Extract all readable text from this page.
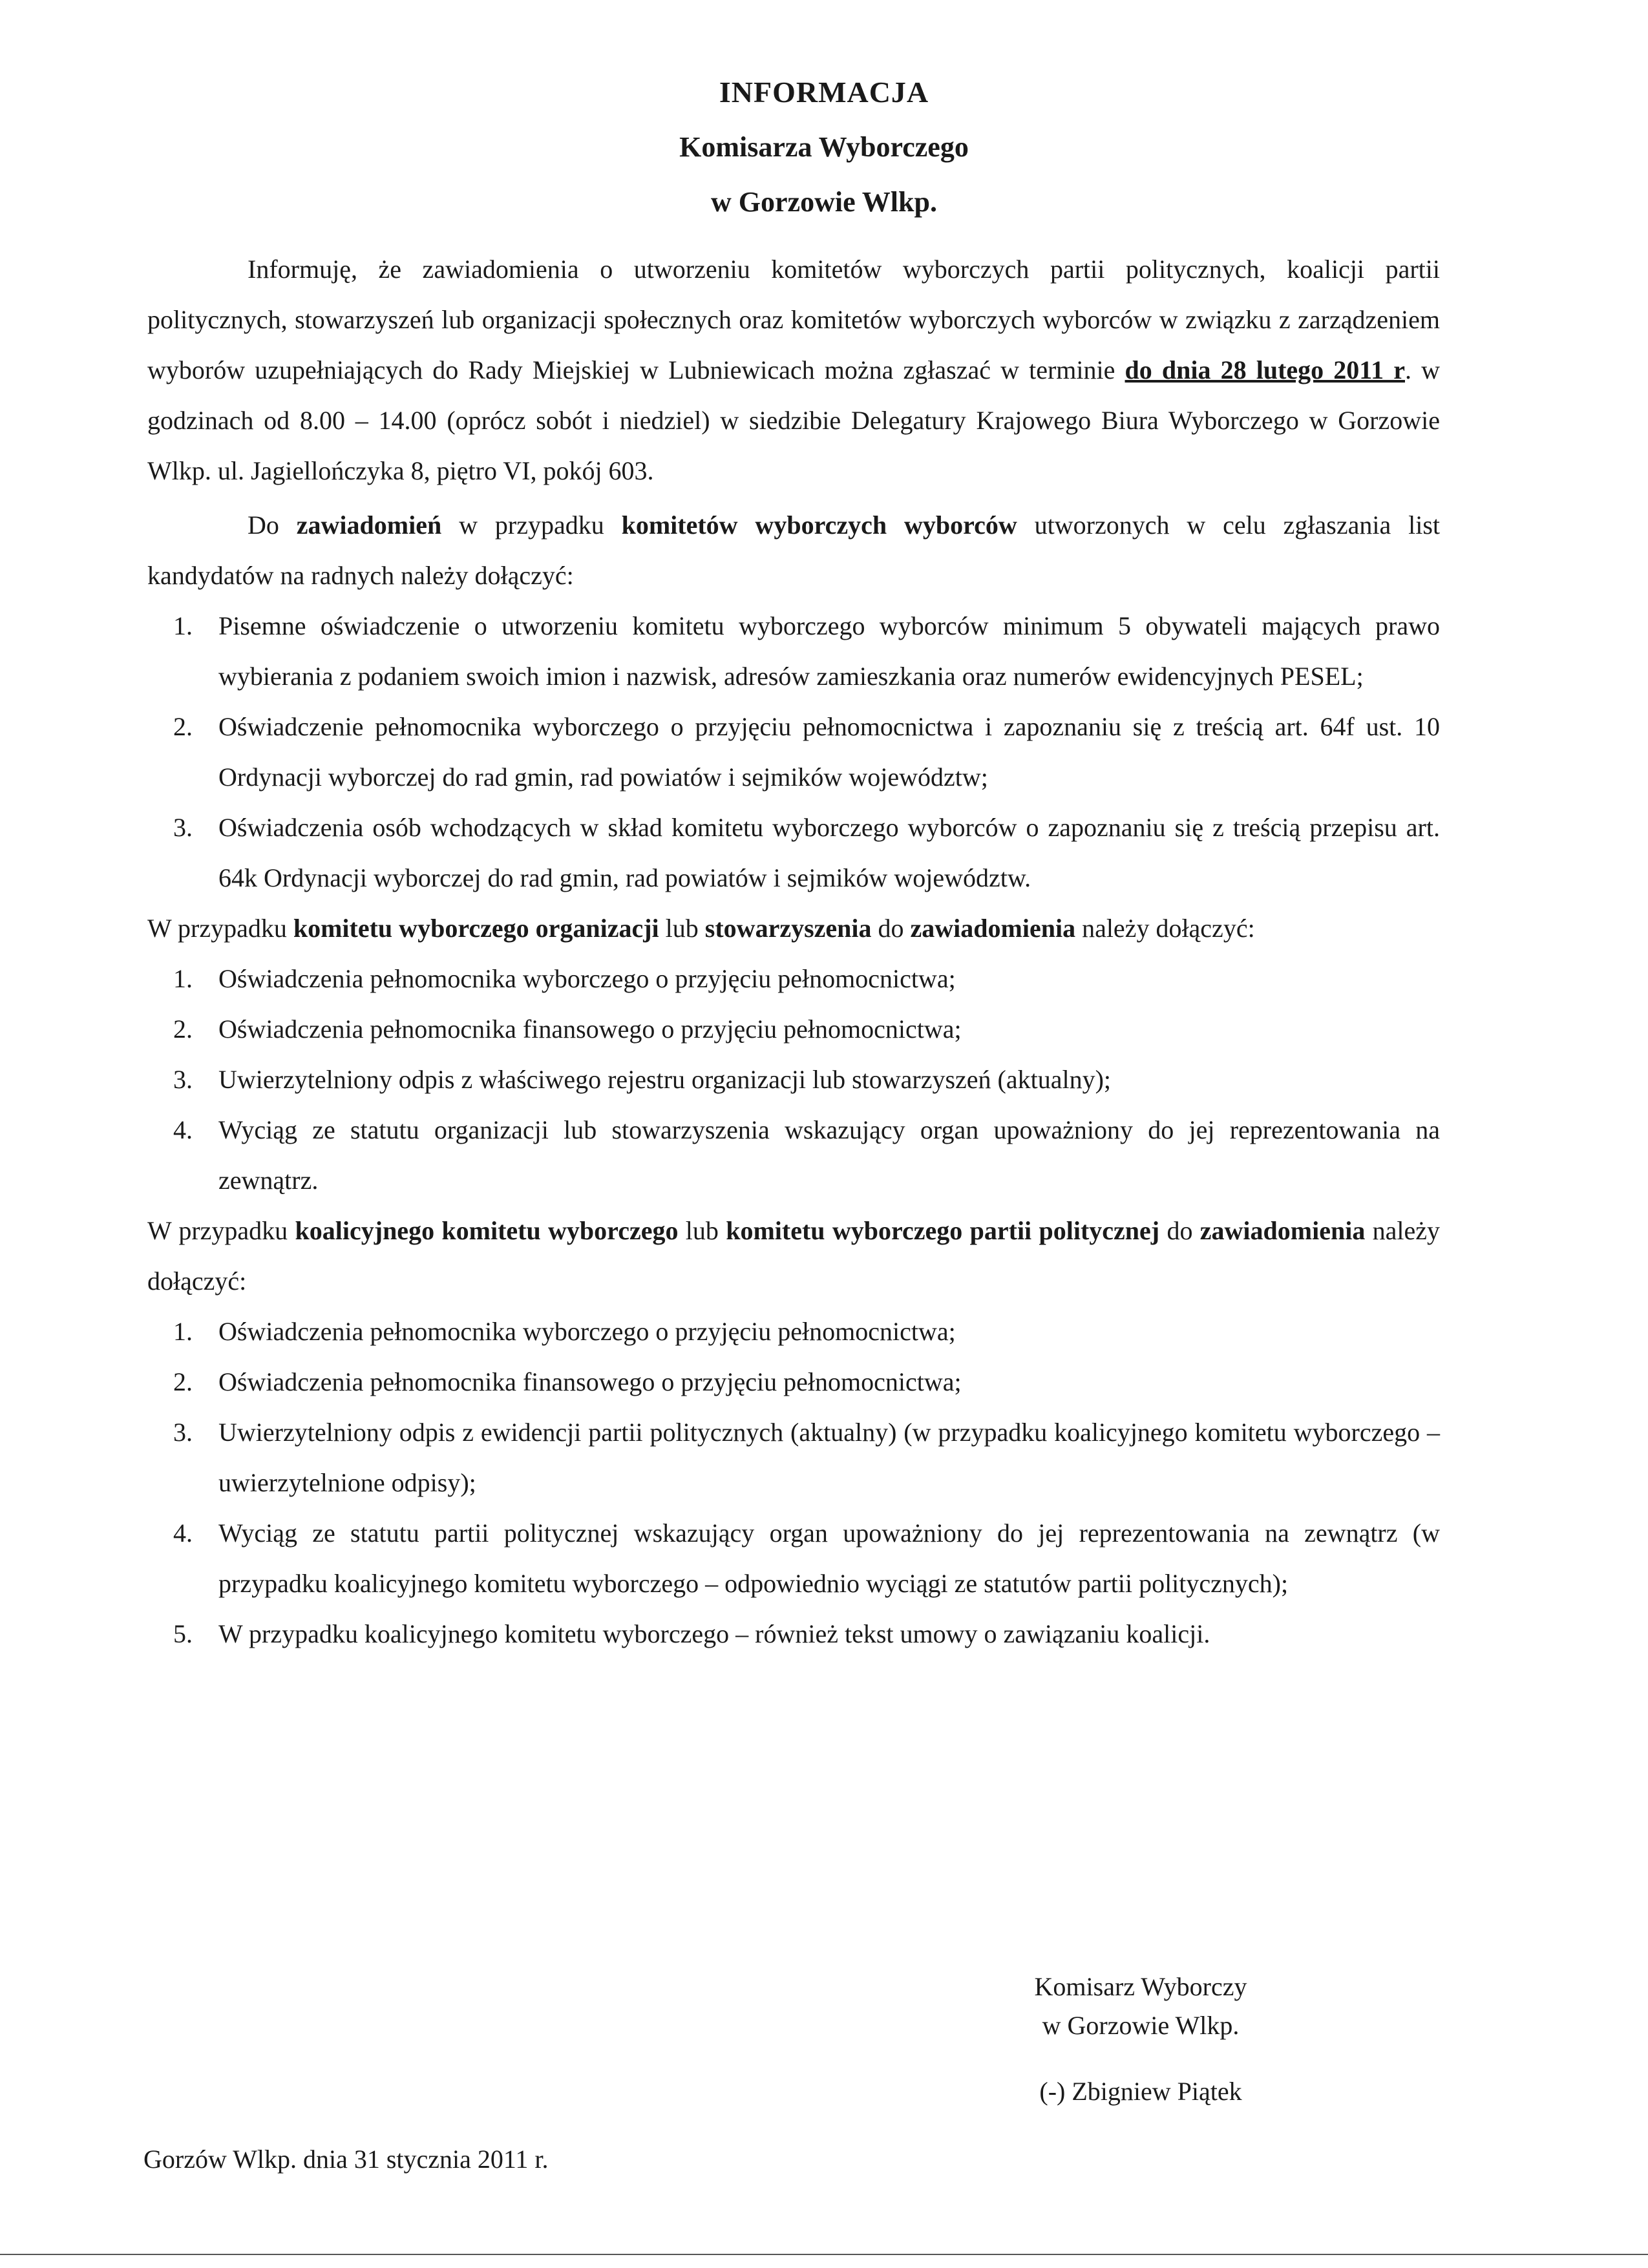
INFORMACJA
Komisarza Wyborczego
w Gorzowie Wlkp.

Informuję, że zawiadomienia o utworzeniu komitetów wyborczych partii politycznych, koalicji partii politycznych, stowarzyszeń lub organizacji społecznych oraz komitetów wyborczych wyborców w związku z zarządzeniem wyborów uzupełniających do Rady Miejskiej w Lubniewicach można zgłaszać w terminie do dnia 28 lutego 2011 r. w godzinach od 8.00 – 14.00 (oprócz sobót i niedziel) w siedzibie Delegatury Krajowego Biura Wyborczego w Gorzowie Wlkp. ul. Jagiellończyka 8, piętro VI, pokój 603.

Do zawiadomień w przypadku komitetów wyborczych wyborców utworzonych w celu zgłaszania list kandydatów na radnych należy dołączyć:

1. Pisemne oświadczenie o utworzeniu komitetu wyborczego wyborców minimum 5 obywateli mających prawo wybierania z podaniem swoich imion i nazwisk, adresów zamieszkania oraz numerów ewidencyjnych PESEL;
2. Oświadczenie pełnomocnika wyborczego o przyjęciu pełnomocnictwa i zapoznaniu się z treścią art. 64f ust. 10 Ordynacji wyborczej do rad gmin, rad powiatów i sejmików województw;
3. Oświadczenia osób wchodzących w skład komitetu wyborczego wyborców o zapoznaniu się z treścią przepisu art. 64k Ordynacji wyborczej do rad gmin, rad powiatów i sejmików województw.

W przypadku komitetu wyborczego organizacji lub stowarzyszenia do zawiadomienia należy dołączyć:

1. Oświadczenia pełnomocnika wyborczego o przyjęciu pełnomocnictwa;
2. Oświadczenia pełnomocnika finansowego o przyjęciu pełnomocnictwa;
3. Uwierzytelniony odpis z właściwego rejestru organizacji lub stowarzyszeń (aktualny);
4. Wyciąg ze statutu organizacji lub stowarzyszenia wskazujący organ upoważniony do jej reprezentowania na zewnątrz.

W przypadku koalicyjnego komitetu wyborczego lub komitetu wyborczego partii politycznej do zawiadomienia należy dołączyć:

1. Oświadczenia pełnomocnika wyborczego o przyjęciu pełnomocnictwa;
2. Oświadczenia pełnomocnika finansowego o przyjęciu pełnomocnictwa;
3. Uwierzytelniony odpis z ewidencji partii politycznych (aktualny) (w przypadku koalicyjnego komitetu wyborczego – uwierzytelnione odpisy);
4. Wyciąg ze statutu partii politycznej wskazujący organ upoważniony do jej reprezentowania na zewnątrz (w przypadku koalicyjnego komitetu wyborczego – odpowiednio wyciągi ze statutów partii politycznych);
5. W przypadku koalicyjnego komitetu wyborczego – również tekst umowy o zawiązaniu koalicji.
Komisarz Wyborczy
w Gorzowie Wlkp.
(-) Zbigniew Piątek
Gorzów Wlkp. dnia 31 stycznia 2011 r.
